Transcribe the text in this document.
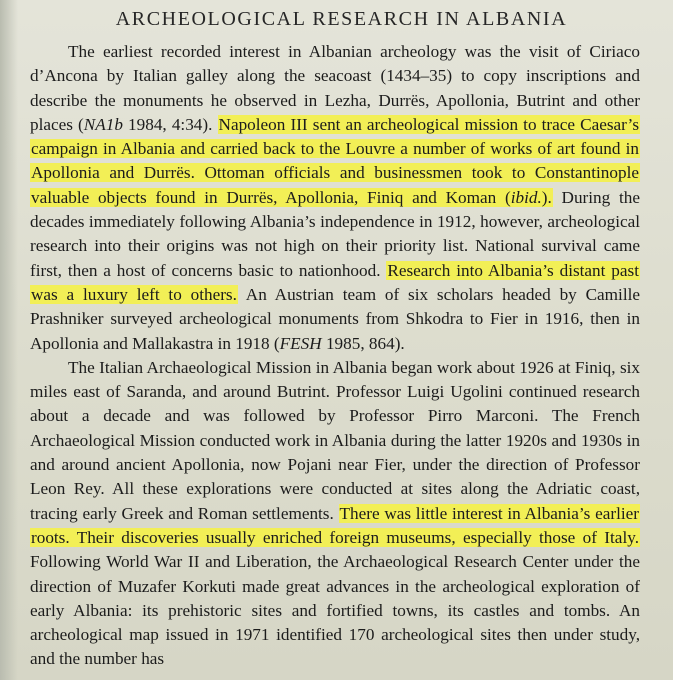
ARCHEOLOGICAL RESEARCH IN ALBANIA

The earliest recorded interest in Albanian archeology was the visit of Ciriaco d’Ancona by Italian galley along the seacoast (1434–35) to copy inscriptions and describe the monuments he observed in Lezha, Durrës, Apollonia, Butrint and other places (NA1b 1984, 4:34). Napoleon III sent an archeological mission to trace Caesar’s campaign in Albania and carried back to the Louvre a number of works of art found in Apollonia and Durrës. Ottoman officials and businessmen took to Constantinople valuable objects found in Durrës, Apollonia, Finiq and Koman (ibid.). During the decades immediately following Albania’s independence in 1912, however, archeological research into their origins was not high on their priority list. National survival came first, then a host of concerns basic to nationhood. Research into Albania’s distant past was a luxury left to others. An Austrian team of six scholars headed by Camille Prashniker surveyed archeological monuments from Shkodra to Fier in 1916, then in Apollonia and Mallakastra in 1918 (FESH 1985, 864).

The Italian Archaeological Mission in Albania began work about 1926 at Finiq, six miles east of Saranda, and around Butrint. Professor Luigi Ugolini continued research about a decade and was followed by Professor Pirro Marconi. The French Archaeological Mission conducted work in Albania during the latter 1920s and 1930s in and around ancient Apollonia, now Pojani near Fier, under the direction of Professor Leon Rey. All these explorations were conducted at sites along the Adriatic coast, tracing early Greek and Roman settlements. There was little interest in Albania’s earlier roots. Their discoveries usually enriched foreign museums, especially those of Italy. Following World War II and Liberation, the Archaeological Research Center under the direction of Muzafer Korkuti made great advances in the archeological exploration of early Albania: its prehistoric sites and fortified towns, its castles and tombs. An archeological map issued in 1971 identified 170 archeological sites then under study, and the number has
